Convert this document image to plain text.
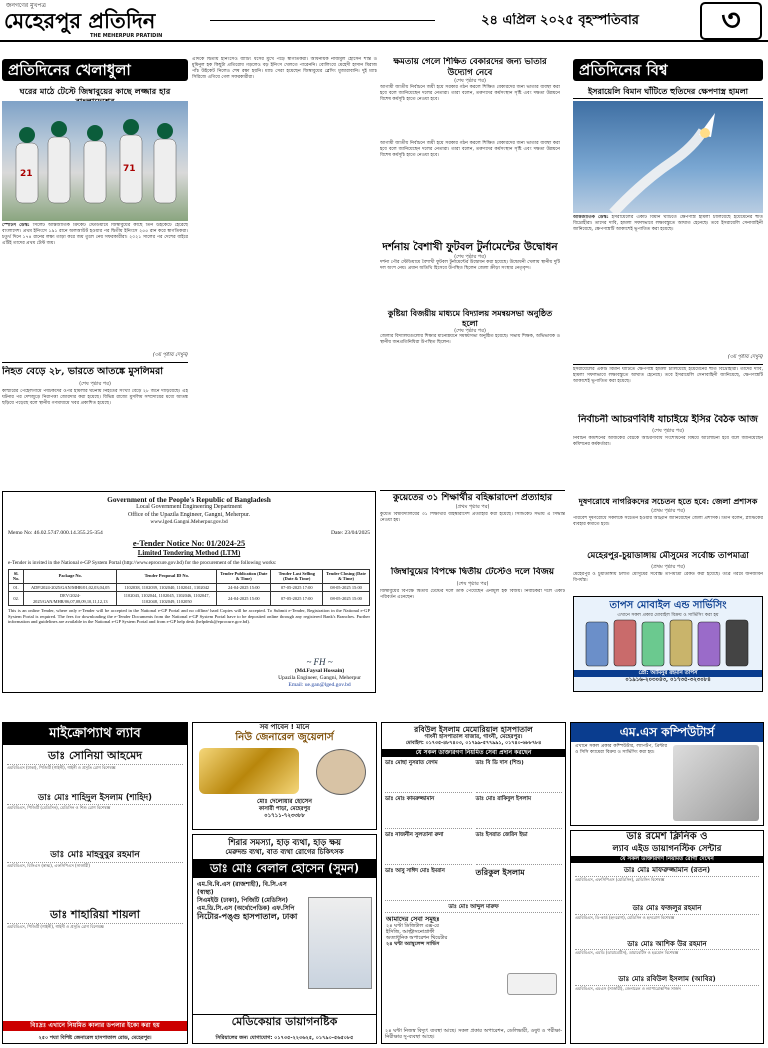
জনগণের মুখপত্র
মেহেরপুর প্রতিদিন
THE MEHERPUR PRATIDIN
২৪ এপ্রিল ২০২৫ বৃহস্পতিবার	৩
প্রতিদিনের খেলাধুলা
ঘরের মাঠে টেস্টে জিম্বাবুয়ের কাছে লজ্জার হার
21	71
স্পোর্টস ডেস্ক: সিলেট আন্তর্জাতিক ক্রিকেট স্টেডিয়ামে জিম্বাবুয়ের কাছে তিন উইকেটে হেরেছে বাংলাদেশ। প্রথম ইনিংসে ১৯১ রানে অলআউট হওয়ার পর দ্বিতীয় ইনিংসে ২৫৫ রান করে স্বাগতিকরা। চতুর্থ দিনে ১৭৪ রানের লক্ষ্য তাড়া করে জয় তুলে নেয় সফরকারীরা। ২০২১ সালের পর দেশের বাইরে এটিই তাদের প্রথম টেস্ট জয়।
(৩য় পৃষ্ঠায় দেখুন)
নিহত বেড়ে ২৮, ভারতে আতঙ্কে মুসলিমরা
(শেষ পৃষ্ঠার পর)
কাশ্মীরের পেহেলগামে পর্যটকদের ওপর হামলার ঘটনায় নিহতের সংখ্যা বেড়ে ২৮ জনে দাঁড়িয়েছে। এই ঘটনার পর দেশজুড়ে নিরাপত্তা জোরদার করা হয়েছে। বিভিন্ন রাজ্যে মুসলিম সম্প্রদায়ের মধ্যে আতঙ্ক ছড়িয়ে পড়েছে বলে স্থানীয় গণমাধ্যমে খবর প্রকাশিত হয়েছে।
এদিকে দ্বিতীয় ইনিংসেও ব্যাটিং ধসের মুখে পড়ে স্বাগতিকরা। অধিনায়ক নাজমুল হোসেন শান্ত ও মুমিনুল হক কিছুটা প্রতিরোধ গড়লেও বড় ইনিংস খেলতে পারেননি। বোলিংয়ে মেহেদী হাসান মিরাজ পাঁচ উইকেট নিলেও শেষ রক্ষা হয়নি। ম্যাচ সেরা হয়েছেন জিম্বাবুয়ের ব্লেসিং মুজারাবানি। দুই ম্যাচ সিরিজে এগিয়ে গেল সফরকারীরা।
ক্ষমতায় গেলে শিক্ষিত বেকারদের জন্য ভাতার উদ্যোগ নেবে
(শেষ পৃষ্ঠার পর)
আগামী জাতীয় নির্বাচনে জয়ী হয়ে সরকার গঠন করলে শিক্ষিত বেকারদের জন্য ভাতার ব্যবস্থা করা হবে বলে জানিয়েছেন দলের নেতারা। তারা বলেন, তরুণদের কর্মসংস্থান সৃষ্টি এবং দক্ষতা উন্নয়নে বিশেষ কর্মসূচি হাতে নেওয়া হবে।
আগামী জাতীয় নির্বাচনে জয়ী হয়ে সরকার গঠন করলে শিক্ষিত বেকারদের জন্য ভাতার ব্যবস্থা করা হবে বলে জানিয়েছেন দলের নেতারা। তারা বলেন, তরুণদের কর্মসংস্থান সৃষ্টি এবং দক্ষতা উন্নয়নে বিশেষ কর্মসূচি হাতে নেওয়া হবে।
দর্শনায় বৈশাখী ফুটবল টুর্নামেন্টের উদ্বোধন
(শেষ পৃষ্ঠার পর)
দর্শনা পৌর স্টেডিয়ামে বৈশাখী ফুটবল টুর্নামেন্টের উদ্বোধন করা হয়েছে। উদ্বোধনী খেলায় স্থানীয় দুটি দল অংশ নেয়। প্রধান অতিথি হিসেবে উপস্থিত ছিলেন জেলা ক্রীড়া সংস্থার নেতৃবৃন্দ।
কুষ্টিয়া বিজয়ীয় মাধ্যমে বিদ্যালয় সমন্বয়সভা অনুষ্ঠিত হলো
(শেষ পৃষ্ঠার পর)
জেলার বিদ্যালয়গুলোর শিক্ষার মানোন্নয়নে সমন্বয়সভা অনুষ্ঠিত হয়েছে। সভায় শিক্ষক, অভিভাবক ও স্থানীয় জনপ্রতিনিধিরা উপস্থিত ছিলেন।
প্রতিদিনের বিশ্ব
ইসরায়েলি বিমান ঘাঁটিতে হুতিদের ক্ষেপণাস্ত্র হামলা
আন্তর্জাতিক ডেস্ক: ইসরায়েলের একটি বিমান ঘাঁটিতে ক্ষেপণাস্ত্র হামলা চালিয়েছে ইয়েমেনের হুতি বিদ্রোহীরা। তাদের দাবি, হামলা সফলভাবে লক্ষ্যবস্তুতে আঘাত হেনেছে। তবে ইসরায়েলি সেনাবাহিনী জানিয়েছে, ক্ষেপণাস্ত্রটি আকাশেই ভূপাতিত করা হয়েছে।
(৩য় পৃষ্ঠায় দেখুন)
ইসরায়েলের একটি বিমান ঘাঁটিতে ক্ষেপণাস্ত্র হামলা চালিয়েছে ইয়েমেনের হুতি বিদ্রোহীরা। তাদের দাবি, হামলা সফলভাবে লক্ষ্যবস্তুতে আঘাত হেনেছে। তবে ইসরায়েলি সেনাবাহিনী জানিয়েছে, ক্ষেপণাস্ত্রটি আকাশেই ভূপাতিত করা হয়েছে।
নির্বাচনী আচরণবিধি যাচাইয়ে ইসির বৈঠক আজ
(শেষ পৃষ্ঠার পর)
নির্বাচন কমিশনের আজকের বৈঠকে আচরণবিধি সংশোধনের বিষয়ে আলোচনা হবে বলে জানিয়েছেন কমিশনের কর্মকর্তারা।
কুয়েতের ৩১ শিক্ষার্থীর বহিষ্কারাদেশ প্রত্যাহার
(প্রথম পৃষ্ঠার পর)
কুয়েত বিশ্ববিদ্যালয়ের ৩১ শিক্ষার্থীর বহিষ্কারাদেশ প্রত্যাহার করা হয়েছে। সিন্ডিকেট সভায় এ সিদ্ধান্ত নেওয়া হয়।
জিম্বাবুয়ের বিপক্ষে দ্বিতীয় টেস্টেও দলে বিজয়
(শেষ পৃষ্ঠার পর)
জিম্বাবুয়ের বিপক্ষে দ্বিতীয় টেস্টের দলে ডাক পেয়েছেন এনামুল হক বিজয়। নির্বাচকরা দলে একটি পরিবর্তন এনেছেন।
দূষণরোধে নাগরিকদের সচেতন হতে হবে: জেলা প্রশাসক
(প্রথম পৃষ্ঠার পর)
পরিবেশ দূষণরোধে সকলকে সচেতন হওয়ার আহ্বান জানিয়েছেন জেলা প্রশাসক। তিনি বলেন, প্লাস্টিকের ব্যবহার কমাতে হবে।
মেহেরপুর-চুয়াডাঙ্গায় মৌসুমের সর্বোচ্চ তাপমাত্রা
(প্রথম পৃষ্ঠার পর)
মেহেরপুর ও চুয়াডাঙ্গায় চলতি মৌসুমের সর্বোচ্চ তাপমাত্রা রেকর্ড করা হয়েছে। তীব্র গরমে জনজীবন বিপর্যস্ত।
তাপস মোবাইল এন্ড সার্ভিসিং
এখানে সকল প্রকার মোবাইল বিক্রয় ও সার্ভিসিং করা হয়
প্রো: আমিনুর রহমান তাপস
০১৯১৬-২০৩০৪৩, ০১৭৩৫-৩২৩০৮৪
Government of the People's Republic of Bangladesh
Local Government Engineering Department
Office of the Upazila Engineer, Gangni, Meherpur.
www.lged.Gangni.Meherpur.gov.bd
Memo No: 46.02.5747.000.14.355.25-354	Date: 23/04/2025
e-Tender Notice No: 01/2024-25
Limited Tendering Method (LTM)
e-Tender is invited in the National e-GP System Portal (http://www.eprocure.gov.bd) for the procurement of the following works:
Sl. No.	Package No.	Tender Proposal ID No.	Tender Publication (Date & Time)	Tender Last Selling (Date & Time)	Tender Closing (Date & Time)
01.	ADP/2024-2025/GAN/MHR/01,02,03,04,05	1102038, 1102039, 1102040, 1102041, 1102042	24-04-2025 15:00	07-05-2025 17:00	08-05-2025 15:00
02.	DEV/2024-2025/GAN/MHR/06,07,08,09,10,11,12,13	1102043, 1102044, 1102045, 1102046, 1102047, 1102048, 1102049, 1102050	24-04-2025 15:00	07-05-2025 17:00	08-05-2025 15:00
This is an online Tender, where only e-Tender will be accepted in the National e-GP Portal and no offline/ hard Copies will be accepted. To Submit e-Tender, Registration in the National e-GP System Portal is required. The fees for downloading the e-Tender Documents from the National e-GP System Portal have to be deposited online through any registered Bank's Branches. Further information and guidelines are available in the National e-GP System Portal and from e-GP help desk (helpdesk@eprocure.gov.bd).
~ FH ~
(Md.Faysal Hossain)
Upazila Engineer, Gangni, Meherpur
Email: ue.gan@lged.gov.bd
মাইক্রোপ্যাথ ল্যাব
ডাঃ সোনিয়া আহমেদ
এমবিবিএস (ঢাকা), পিজিটি (গাইনী), গাইনী ও প্রসূতি রোগ বিশেষজ্ঞ
ডাঃ মোঃ শাহিদুল ইসলাম (শাহিদ)
এমবিবিএস, পিজিটি (মেডিসিন), মেডিসিন ও শিশু রোগ বিশেষজ্ঞ
ডাঃ মোঃ মাহবুবুর রহমান
এমবিবিএস, বিসিএস (স্বাস্থ্য), এফসিপিএস (সার্জারী)
ডাঃ শাহারিয়া শায়লা
এমবিবিএস, পিজিটি (গাইনী), গাইনী ও প্রসূতি রোগ বিশেষজ্ঞ
বিঃদ্রঃ এখানে নিয়মিত কালার ডপলার ইকো করা হয়
২৫০ শয্যা বিশিষ্ট জেনারেল হাসপাতাল রোড, মেহেরপুর।
সব পাবেন ! মানে
নিউ জেনারেল জুয়েলার্স
মোঃ দেলোয়ার হোসেন
কাসারী পাড়া, মেহেরপুর
০১৭১১-৭২৩৩৮৮
শিরার সমস্যা, হাড় ব্যথা, হাড় ক্ষয়
মেরুদন্ড ব্যথা, বাত ব্যথা রোগের চিকিৎসক
ডাঃ মোঃ বেলাল হোসেন (সুমন)
এম.বি.বি.এস (রাজশাহী), বি.সি.এস (স্বাস্থ্য)
সিএমইউ (ঢাকা), পিজিটি (মেডিসিন)
এম.ডি.সি.এস (অর্থোপেডিক) এফ.সিপি
নিটোর-পঙ্গু হাসপাতাল, ঢাকা
মেডিকেয়ার ডায়াগনষ্টিক
সিরিয়ালের জন্য যোগাযোগ: ০১৭৩৫-২২৩৬২৫, ০১৭৯০-৫৬৫০৮৫
রবিউল ইসলাম মেমোরিয়াল হাসপাতাল
গাংনী হাসপাতাল বাজার, গাংনী, মেহেরপুর।
মোবাইল: ০১৭৩৫-৪৮৭৪০৩, ০১৭৯৯-৫৭৭৯৯১, ০১৭৪০-৬৮৮৭৮৪
যে সকল ডাক্তারগণ নিয়মিত সেবা প্রদান করছেন
ডাঃ মোছা নুসরাত বেগম	ডাঃ বি ডি দাস (শিশু)
ডাঃ মোঃ কামরুজ্জামান	ডাঃ মোঃ রাকিবুল ইসলাম
ডাঃ নাজনীন সুলতানা রুনা	ডাঃ ইসরাত জেরিন ইভা
ডাঃ আবু সাঈদ মোঃ ইমরান	তরিকুল ইসলাম
ডাঃ মোঃ আব্দুল মারুফ
আমাদের সেবা সমূহঃ
২৪ ঘণ্টা ডিজিটাল এক্স-রে
ইসিজি, আল্ট্রাসনোগ্রাফী
অত্যাধুনিক অপারেশন থিয়েটার
২৪ ঘন্টা অ্যাম্বুলেন্স সার্ভিস
২৪ ঘন্টা নিজস্ব বিদ্যুৎ ব্যবস্থা আছে। সকল প্রকার অপারেশন, ডেলিভারী, ওষুধ ও পরীক্ষা-নিরীক্ষার সু-ব্যবস্থা আছে।
এম.এস কম্পিউটার্স
এখানে সকল প্রকার কম্পিউটার, ল্যাপটপ, প্রিন্টার ও সিসি ক্যামেরা বিক্রয় ও সার্ভিসিং করা হয়।
ডাঃ রমেশ ক্লিনিক ও
ল্যাব এইড ডায়াগনস্টিক সেন্টার
যে সকল ডাক্তারগণ নিয়মিত রোগী দেখেন
ডাঃ মোঃ মাফরুজ্জামান (রতন)
এমবিবিএস, এফসিপিএস (মেডিসিন), মেডিসিন বিশেষজ্ঞ
ডাঃ মোঃ ফজলুর রহমান
এমবিবিএস, ডি-কার্ড (হৃদরোগ), মেডিসিন ও হৃদরোগ বিশেষজ্ঞ
ডাঃ মোঃ আশিক উর রহমান
এমবিবিএস, এমডি (ডায়াবেটিস), ডায়াবেটিস ও হরমোন বিশেষজ্ঞ
ডাঃ মোঃ রবিউল ইসলাম (আবির)
এমবিবিএস, এমএস (সার্জারী), জেনারেল ও ল্যাপারোস্কপিক সার্জন
